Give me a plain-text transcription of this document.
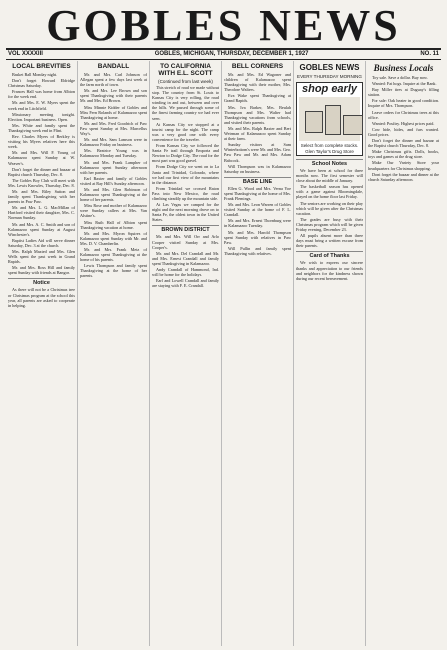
GOBLES NEWS
VOL XXXXIII	GOBLES, MICHIGAN, THURSDAY, DECEMBER 1, 1927	NO. 11
LOCAL BREVITIES

Basket Ball Monday night.

Don't forget Howard Eldridge Christmas Saturday.

Frances Hall was home from Albion for the week end.

Mr. and Mrs. E. W. Myers spent the week end in Litchfield.

Missionary meeting tonight. Election. Important business. Open.

Mrs. White and family spent the Thanksgiving week end in Flint.

Rev. Charles Myers of Berkley is visiting his Myers relatives here this week.

Mr. and Mrs. Will F. Young of Kalamazoo spent Sunday at W. Weaver's.

Don't forget the dinner and bazaar at Baptist church Thursday, Dec. 8.

The Gobles Boy Club will meet with Mrs. Lewis Knowles, Thursday, Dec. 8.

Mr. and Mrs. Riley Sutton and family spent Thanksgiving with her parents in Paw Paw.

Mr. and Mrs. L. G. MacMillan of Hartford visited their daughter, Mrs. C. Norman Sunday.

Mr. and Mrs. A. C. Smith and son of Kalamazoo spent Sunday at August Winchester's.

Baptist Ladies Aid will serve dinner Saturday, Dec. 3 at the church.

Mrs. Ralph Maxted and Mrs. Glen Wells spent the past week in Grand Rapids.

Mr. and Mrs. Ross Hill and family spent Sunday with friends at Bangor.

Notice

As there will not be a Christmas tree or Christmas program at the school this year, all parents are asked to cooperate in helping.

BANDALL

Mr. and Mrs. Carl Johnson of Allegan spent a few days last week at the farm north of town.

Mr. and Mrs. Lee Brown and son spent Thanksgiving with their parents Mr. and Mrs. Ed Brown.

Miss Minnie Kidder of Gobles and Miss Fern Rolands of Kalamazoo spent Thanksgiving at home.

Mr. and Mrs. Fred Goodrich of Paw Paw spent Sunday at Mrs. Marcellus Way's.

Mr. and Mrs. Sam Lamson were in Kalamazoo Friday on business.

Mrs. Beatrice Young was in Kalamazoo Monday and Tuesday.

Mr. and Mrs. Frank Lampher of Kalamazoo spent Sunday afternoon with her parents.

Earl Baxter and family of Gobles visited at Ray Hill's Sunday afternoon.

Mr. and Mrs. Glen Robinson of Kalamazoo spent Thanksgiving at the home of her parents.

Miss Rose and mother of Kalamazoo were Sunday callers at Mrs. Van Alstine's.

Miss Ruth Hall of Albion spent Thanksgiving vacation at home.

Mr. and Mrs. Myron Squires of Kalamazoo spent Sunday with Mr. and Mrs. D. V. Chamberlin.

Mr. and Mrs. Frank Metz of Kalamazoo spent Thanksgiving at the home of his parents.

Lewis Thompson and family spent Thanksgiving at the home of her parents.

TO CALIFORNIA WITH E.L. SCOTT
(Continued from last week)

This stretch of road we made without stop. The country from St. Louis to Kansas City is very rolling, the road winding in and out, between and over the hills. We passed through some of the finest farming country we had ever seen.

At Kansas City we stopped at a tourist camp for the night. The camp was a very good one with every convenience for the traveler.

From Kansas City we followed the Santa Fe trail through Emporia and Newton to Dodge City. The road for the most part was good gravel.

From Dodge City we went on to La Junta and Trinidad, Colorado, where we had our first view of the mountains in the distance.

From Trinidad we crossed Raton Pass into New Mexico, the road climbing steadily up the mountain side.

At Las Vegas we camped for the night and the next morning drove on to Santa Fe, the oldest town in the United States.

BROWN DISTRICT

Mr. and Mrs. Will Orr and Arlo Cooper visited Sunday at Mrs. Cooper's.

Mr. and Mrs. Del Crandall and Mr. and Mrs. Ernest Crandall and family spent Thanksgiving in Kalamazoo.

Andy Crandall of Hammond, Ind. will be home for the holidays.

Earl and Lowell Crandall and family are staying with F. E. Crandall.

BELL CORNERS

Mr. and Mrs. Ed Wagoner and children of Kalamazoo spent Thanksgiving with their mother, Mrs. Theodore Walters.

Eva Wake spent Thanksgiving at Grand Rapids.

Mrs. Iva Barker, Mrs. Beulah Thompson and Mrs. Walter had Thanksgiving vacations from schools, and visited their parents.

Mr. and Mrs. Ralph Baxter and Bert Weirman of Kalamazoo spent Sunday at their farm.

Sunday visitors at Sam Winterbottom's were Mr. and Mrs. Geo. Paw Paw and Mr. and Mrs. Adam Babcock.

Will Thompson was in Kalamazoo Saturday on business.

BASE LINE

Ellen G. Wood and Mrs. Verna Yoe spent Thanksgiving at the home of Mrs. Frank Flemings.

Mr. and Mrs. Leon Warren of Gobles visited Sunday at the home of F. L. Crandall.

Mr. and Mrs. Ernest Thornburg were in Kalamazoo Tuesday.

Mr. and Mrs. Harold Thompson spent Sunday with relatives in Paw Paw.

Will Pullin and family spent Thanksgiving with relatives.

GOBLES NEWS
EVERY THURSDAY MORNING
shop early
Select from complete stocks. Glen Taylor's Drug Store
School Notes

We have been at school for three months now. The first semester will close about the middle of January.

The basketball season has opened with a game against Bloomingdale, played on the home floor last Friday.

The seniors are working on their play which will be given after the Christmas vacation.

The grades are busy with their Christmas program which will be given Friday evening, December 23.

All pupils absent more than three days must bring a written excuse from their parents.

Card of Thanks

We wish to express our sincere thanks and appreciation to our friends and neighbors for the kindness shown during our recent bereavement.

Business Locals

Toy sale. Save a dollar. Buy now.

Wanted: Fat hogs. Inquire at the Bank.

Buy Miller tires at Duguay's filling station.

For sale: Oak heater in good condition. Inquire of Mrs. Thompson.

Leave orders for Christmas trees at this office.

Wanted: Poultry. Highest prices paid.

Cow hide, hides, and furs wanted. Good prices.

Don't forget the dinner and bazaar at the Baptist church Thursday, Dec. 8.

Make Christmas gifts. Dolls, books, toys and games at the drug store.

Make Our Variety Store your headquarters for Christmas shopping.

Dont forget the bazaar and dinner at the church Saturday afternoon.
